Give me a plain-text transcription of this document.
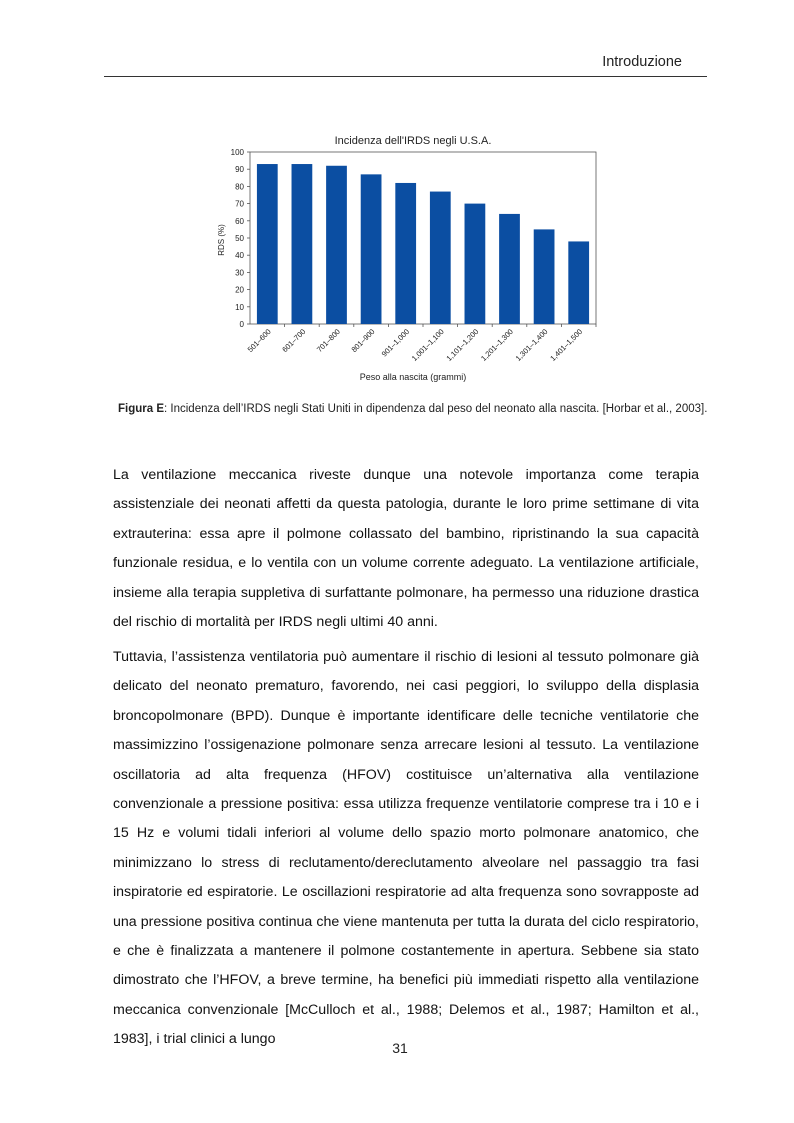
Introduzione
Incidenza dell'IRDS negli U.S.A.
0
10
20
30
40
50
60
70
80
90
100
501–600 601–700 701–800 801–900 901–1,000
1,001–1,100
1,101–1,200
1,201–1,300
1,301–1,400
1,401–1,500
RDS (%)
Peso alla nascita (grammi)
Figura E: Incidenza dell’IRDS negli Stati Uniti in dipendenza dal peso del neonato alla nascita. [Horbar et al., 2003].

La ventilazione meccanica riveste dunque una notevole importanza come terapia assistenziale dei neonati affetti da questa patologia, durante le loro prime settimane di vita extrauterina: essa apre il polmone collassato del bambino, ripristinando la sua capacità funzionale residua, e lo ventila con un volume corrente adeguato. La ventilazione artificiale, insieme alla terapia suppletiva di surfattante polmonare, ha permesso una riduzione drastica del rischio di mortalità per IRDS negli ultimi 40 anni.

Tuttavia, l’assistenza ventilatoria può aumentare il rischio di lesioni al tessuto polmonare già delicato del neonato prematuro, favorendo, nei casi peggiori, lo sviluppo della displasia broncopolmonare (BPD). Dunque è importante identificare delle tecniche ventilatorie che massimizzino l’ossigenazione polmonare senza arrecare lesioni al tessuto. La ventilazione oscillatoria ad alta frequenza (HFOV) costituisce un’alternativa alla ventilazione convenzionale a pressione positiva: essa utilizza frequenze ventilatorie comprese tra i 10 e i 15 Hz e volumi tidali inferiori al volume dello spazio morto polmonare anatomico, che minimizzano lo stress di reclutamento/dereclutamento alveolare nel passaggio tra fasi inspiratorie ed espiratorie. Le oscillazioni respiratorie ad alta frequenza sono sovrapposte ad una pressione positiva continua che viene mantenuta per tutta la durata del ciclo respiratorio, e che è finalizzata a mantenere il polmone costantemente in apertura. Sebbene sia stato dimostrato che l’HFOV, a breve termine, ha benefici più immediati rispetto alla ventilazione meccanica convenzionale [McCulloch et al., 1988; Delemos et al., 1987; Hamilton et al., 1983], i trial clinici a lungo

31
